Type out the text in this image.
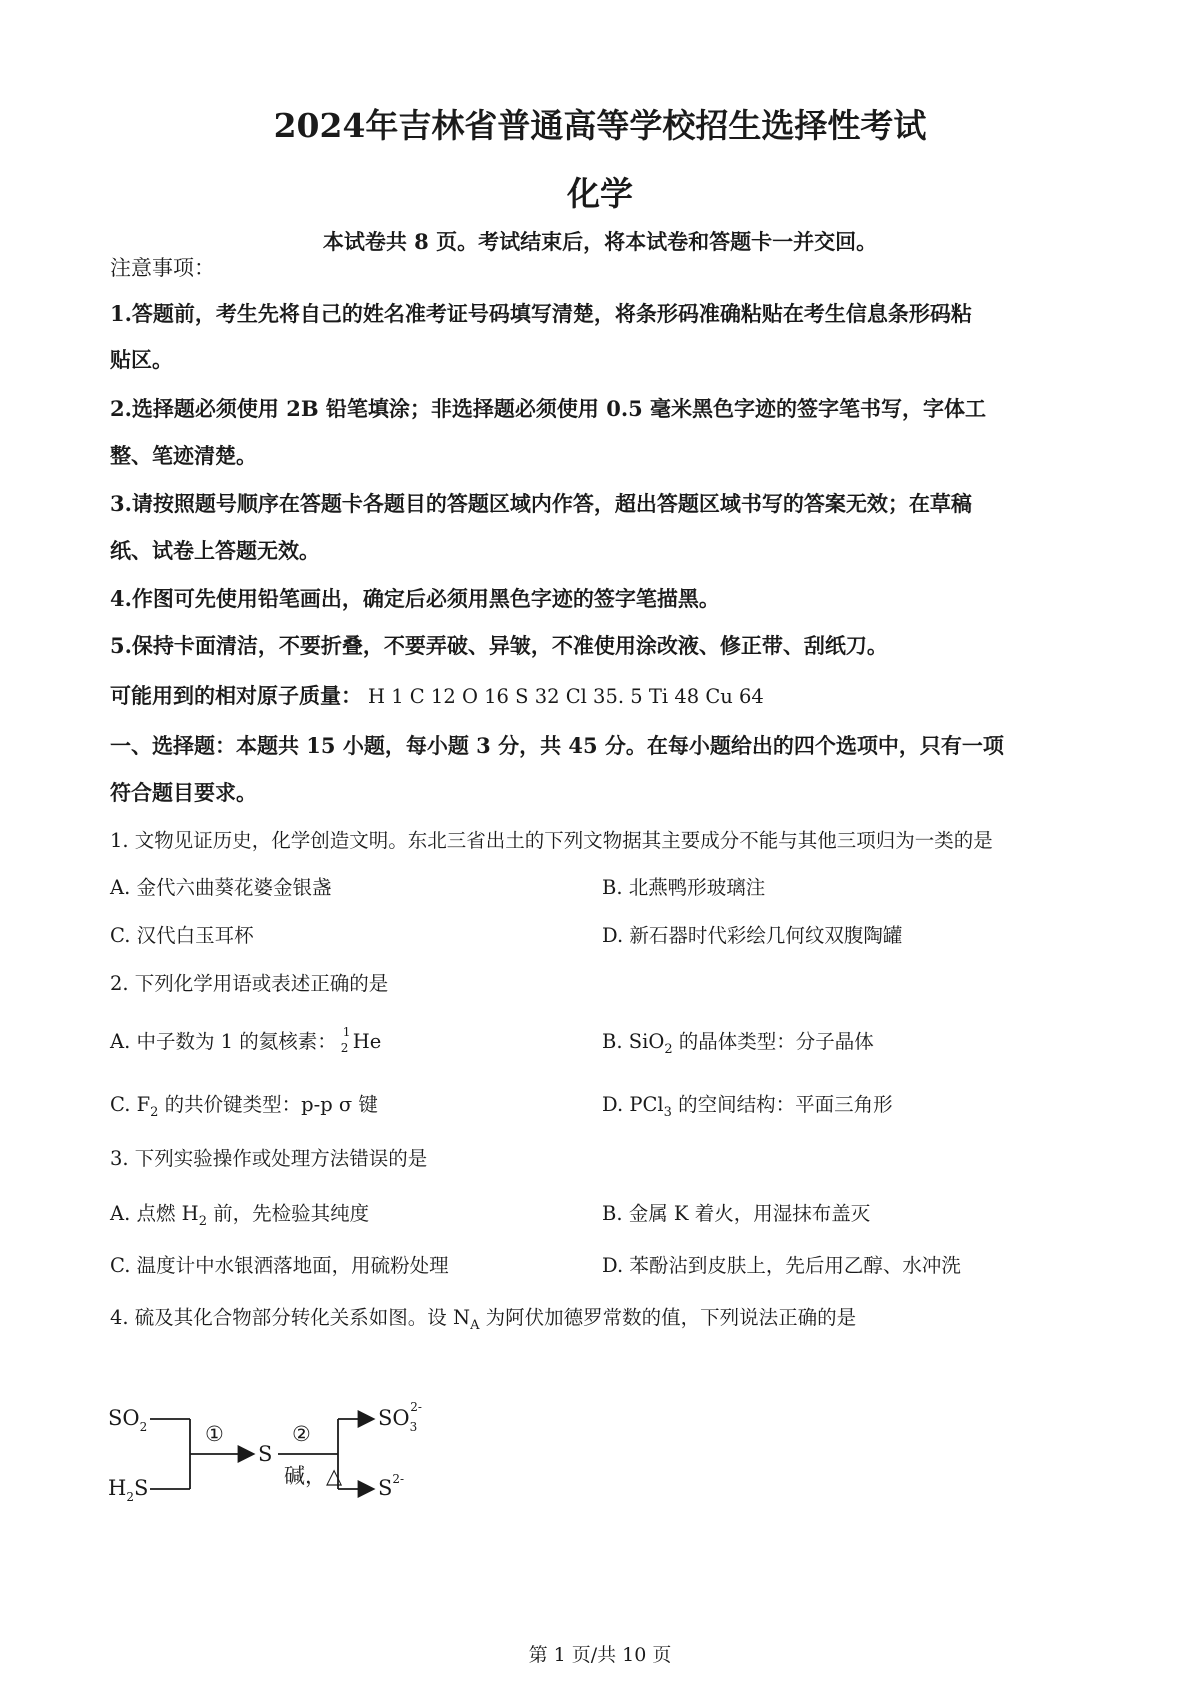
2024年吉林省普通高等学校招生选择性考试
化学
本试卷共 8 页。考试结束后，将本试卷和答题卡一并交回。
注意事项：
1.答题前，考生先将自己的姓名准考证号码填写清楚，将条形码准确粘贴在考生信息条形码粘
贴区。
2.选择题必须使用 2B 铅笔填涂；非选择题必须使用 0.5 毫米黑色字迹的签字笔书写，字体工
整、笔迹清楚。
3.请按照题号顺序在答题卡各题目的答题区域内作答，超出答题区域书写的答案无效；在草稿
纸、试卷上答题无效。
4.作图可先使用铅笔画出，确定后必须用黑色字迹的签字笔描黑。
5.保持卡面清洁，不要折叠，不要弄破、异皱，不准使用涂改液、修正带、刮纸刀。
可能用到的相对原子质量： H 1 C 12 O 16 S 32 Cl 35. 5 Ti 48 Cu 64
一、选择题：本题共 15 小题，每小题 3 分，共 45 分。在每小题给出的四个选项中，只有一项
符合题目要求。
1. 文物见证历史，化学创造文明。东北三省出土的下列文物据其主要成分不能与其他三项归为一类的是
A. 金代六曲葵花婆金银盏	B. 北燕鸭形玻璃注
C. 汉代白玉耳杯	D. 新石器时代彩绘几何纹双腹陶罐
2. 下列化学用语或表述正确的是
A. 中子数为 1 的氦核素： 1
2 He	B. SiO$_2$ 的晶体类型：分子晶体
C. $F_2$ 的共价键类型：p-p σ 键	D. PCl$_3$ 的空间结构：平面三角形
3. 下列实验操作或处理方法错误的是
A. 点燃 $H_2$ 前，先检验其纯度	B. 金属 K 着火，用湿抹布盖灭
C. 温度计中水银洒落地面，用硫粉处理	D. 苯酚沾到皮肤上，先后用乙醇、水冲洗
4. 硫及其化合物部分转化关系如图。设 $N_A$ 为阿伏加德罗常数的值，下列说法正确的是
$SO_2$
$H_2S$
①
S
②
碱，△
$SO_32-$
$S^{2-}$
第 1 页/共 10 页
